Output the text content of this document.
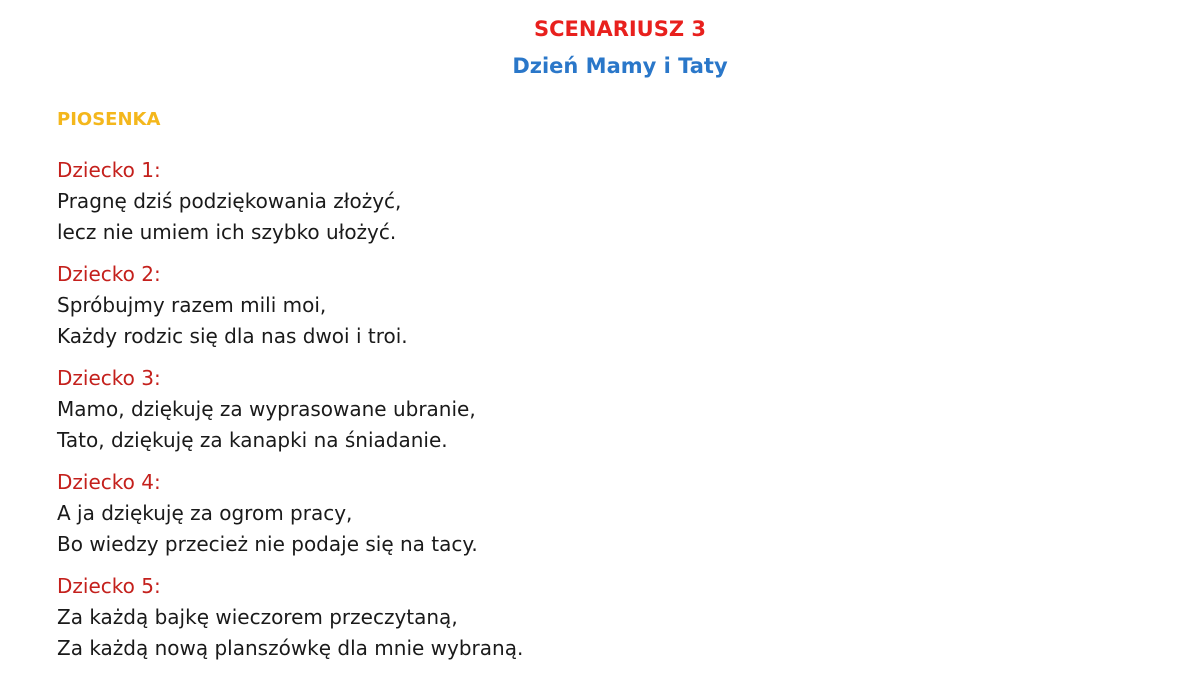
SCENARIUSZ 3
Dzień Mamy i Taty
PIOSENKA

Dziecko 1:

Pragnę dziś podziękowania złożyć,

lecz nie umiem ich szybko ułożyć.

Dziecko 2:

Spróbujmy razem mili moi,

Każdy rodzic się dla nas dwoi i troi.

Dziecko 3:

Mamo, dziękuję za wyprasowane ubranie,

Tato, dziękuję za kanapki na śniadanie.

Dziecko 4:

A ja dziękuję za ogrom pracy,

Bo wiedzy przecież nie podaje się na tacy.

Dziecko 5:

Za każdą bajkę wieczorem przeczytaną,

Za każdą nową planszówkę dla mnie wybraną.
